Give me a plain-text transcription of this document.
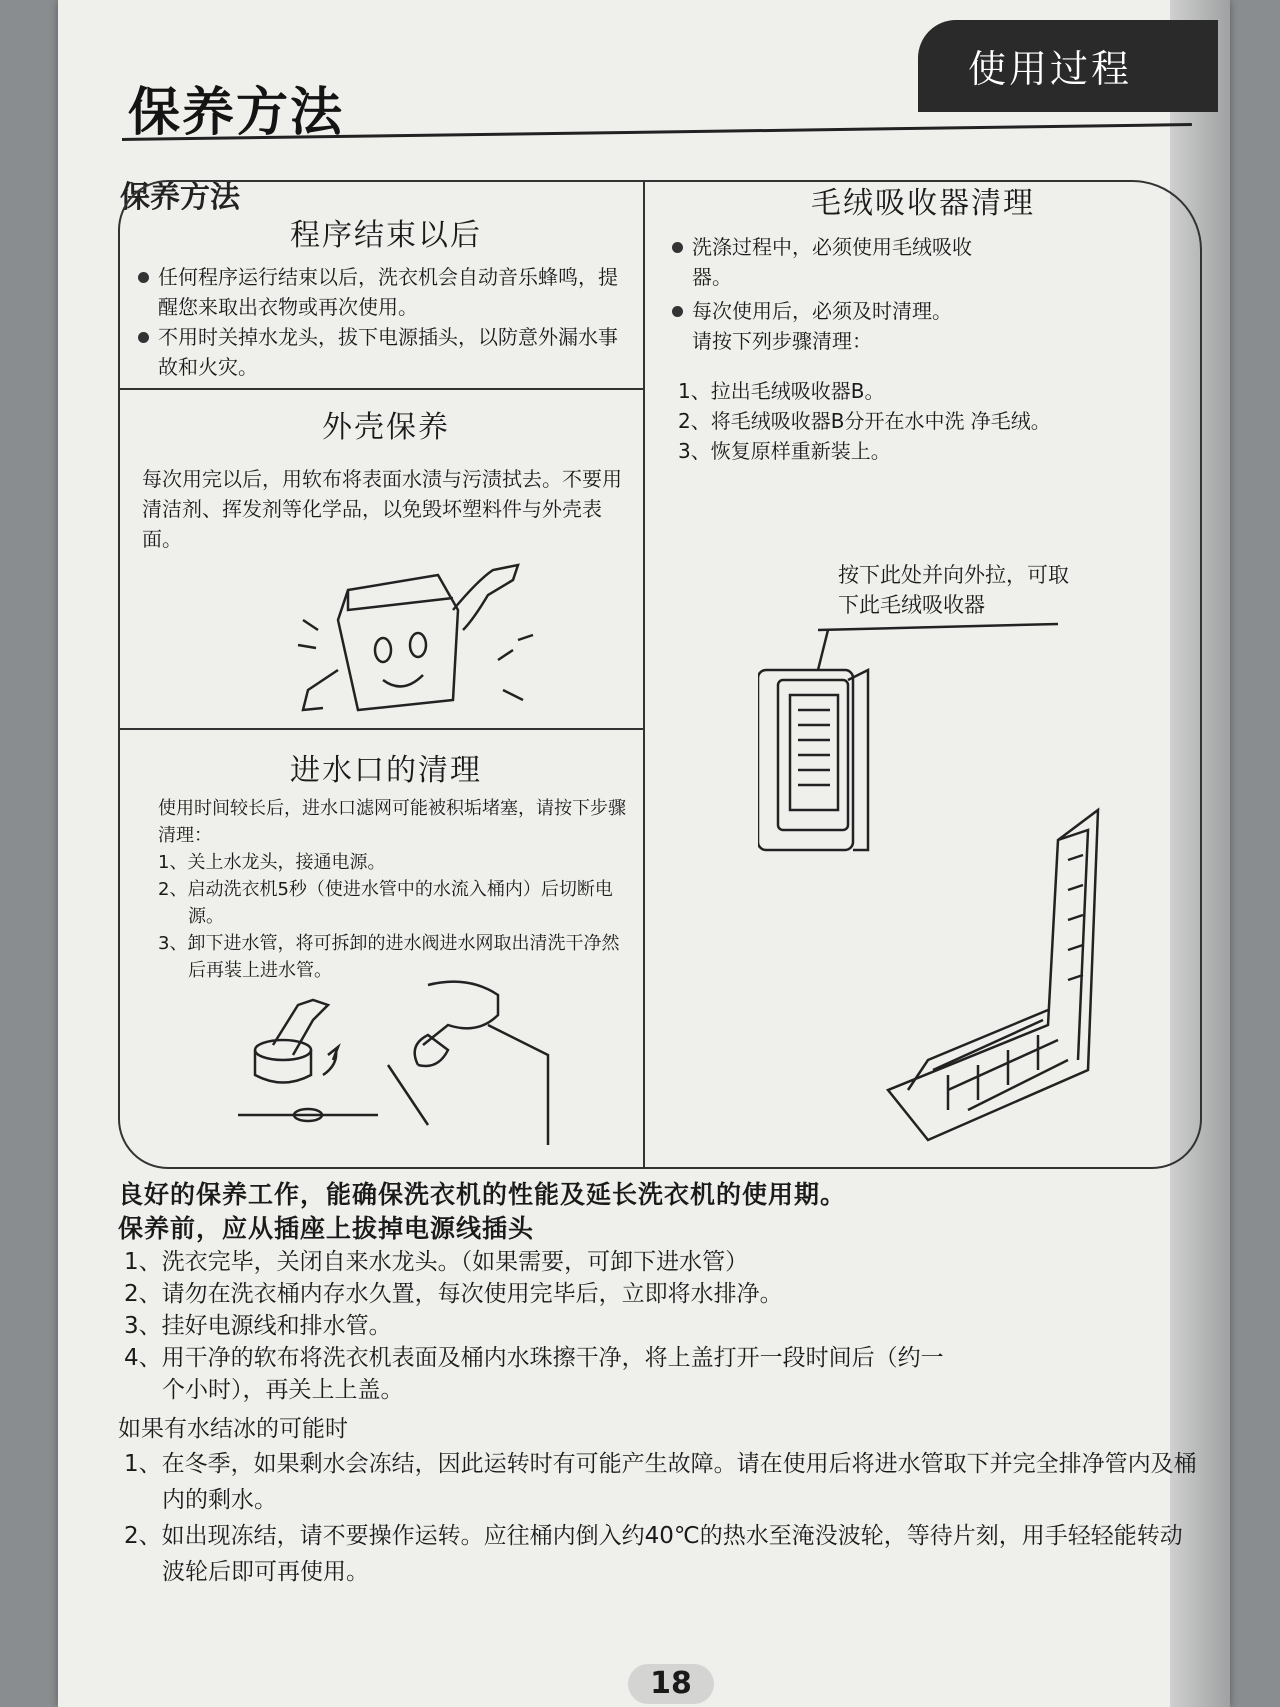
使用过程
保养方法
保养方法
程序结束以后
任何程序运行结束以后，洗衣机会自动音乐蜂鸣，提醒您来取出衣物或再次使用。
不用时关掉水龙头，拔下电源插头，以防意外漏水事故和火灾。
外壳保养

每次用完以后，用软布将表面水渍与污渍拭去。不要用清洁剂、挥发剂等化学品，以免毁坏塑料件与外壳表面。

进水口的清理

使用时间较长后，进水口滤网可能被积垢堵塞，请按下步骤清理：

1、关上水龙头，接通电源。

2、启动洗衣机5秒（使进水管中的水流入桶内）后切断电源。

3、卸下进水管，将可拆卸的进水阀进水网取出清洗干净然后再装上进水管。

毛绒吸收器清理
洗涤过程中，必须使用毛绒吸收器。
每次使用后，必须及时清理。

请按下列步骤清理：

1、拉出毛绒吸收器B。

2、将毛绒吸收器B分开在水中洗 净毛绒。

3、恢复原样重新装上。

按下此处并向外拉，可取下此毛绒吸收器

良好的保养工作，能确保洗衣机的性能及延长洗衣机的使用期。

保养前，应从插座上拔掉电源线插头

1、洗衣完毕，关闭自来水龙头。（如果需要，可卸下进水管）

2、请勿在洗衣桶内存水久置，每次使用完毕后，立即将水排净。

3、挂好电源线和排水管。

4、用干净的软布将洗衣机表面及桶内水珠擦干净，将上盖打开一段时间后（约一个小时），再关上上盖。

如果有水结冰的可能时

1、在冬季，如果剩水会冻结，因此运转时有可能产生故障。请在使用后将进水管取下并完全排净管内及桶内的剩水。

2、如出现冻结，请不要操作运转。应往桶内倒入约40℃的热水至淹没波轮，等待片刻，用手轻轻能转动波轮后即可再使用。

18
